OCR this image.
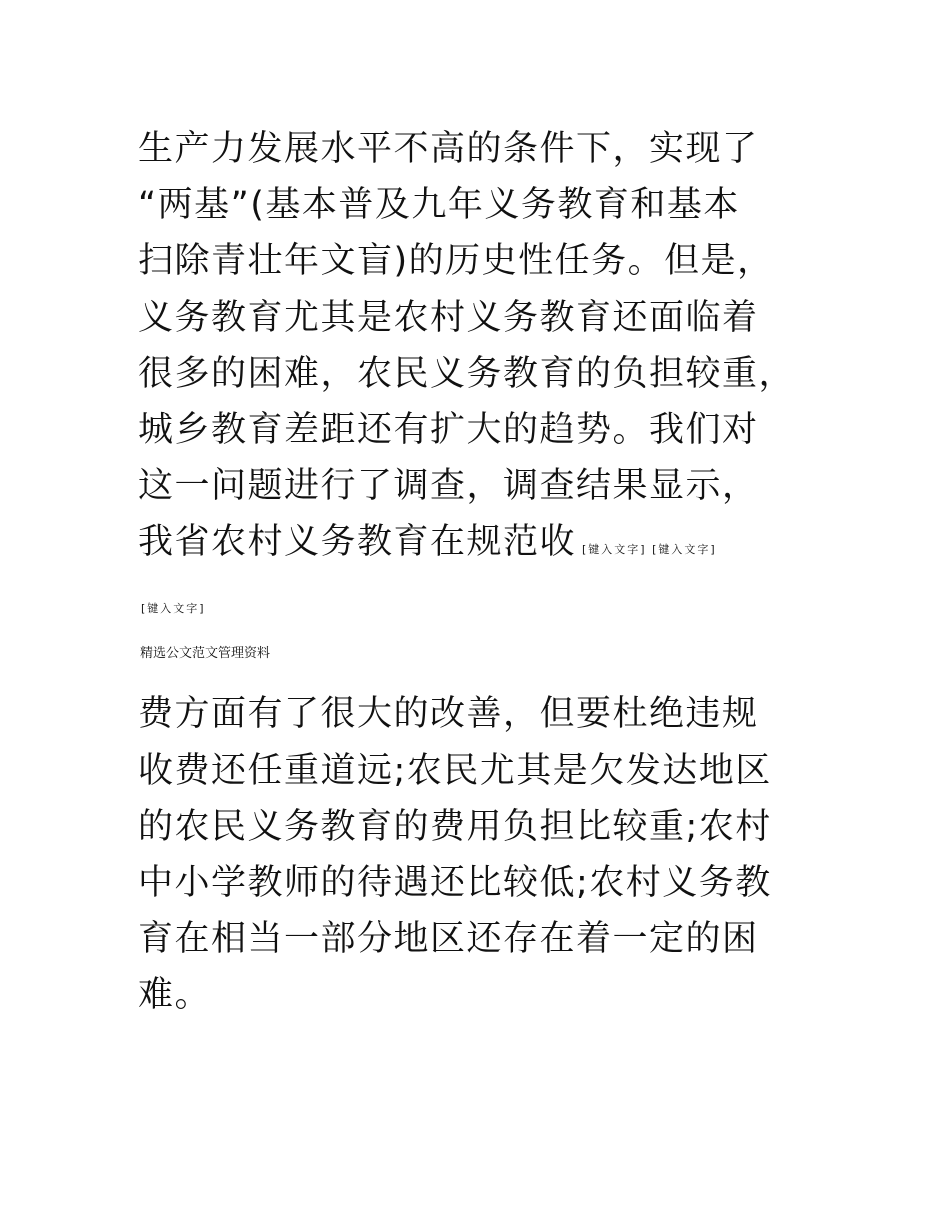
生产力发展水平不高的条件下，实现了
“两基”(基本普及九年义务教育和基本
扫除青壮年文盲)的历史性任务。但是，
义务教育尤其是农村义务教育还面临着
很多的困难，农民义务教育的负担较重，
城乡教育差距还有扩大的趋势。我们对
这一问题进行了调查，调查结果显示，
我省农村义务教育在规范收 [键入文字] [键入文字]
[键入文字]
精选公文范文管理资料
费方面有了很大的改善，但要杜绝违规
收费还任重道远;农民尤其是欠发达地区
的农民义务教育的费用负担比较重;农村
中小学教师的待遇还比较低;农村义务教
育在相当一部分地区还存在着一定的困
难。
